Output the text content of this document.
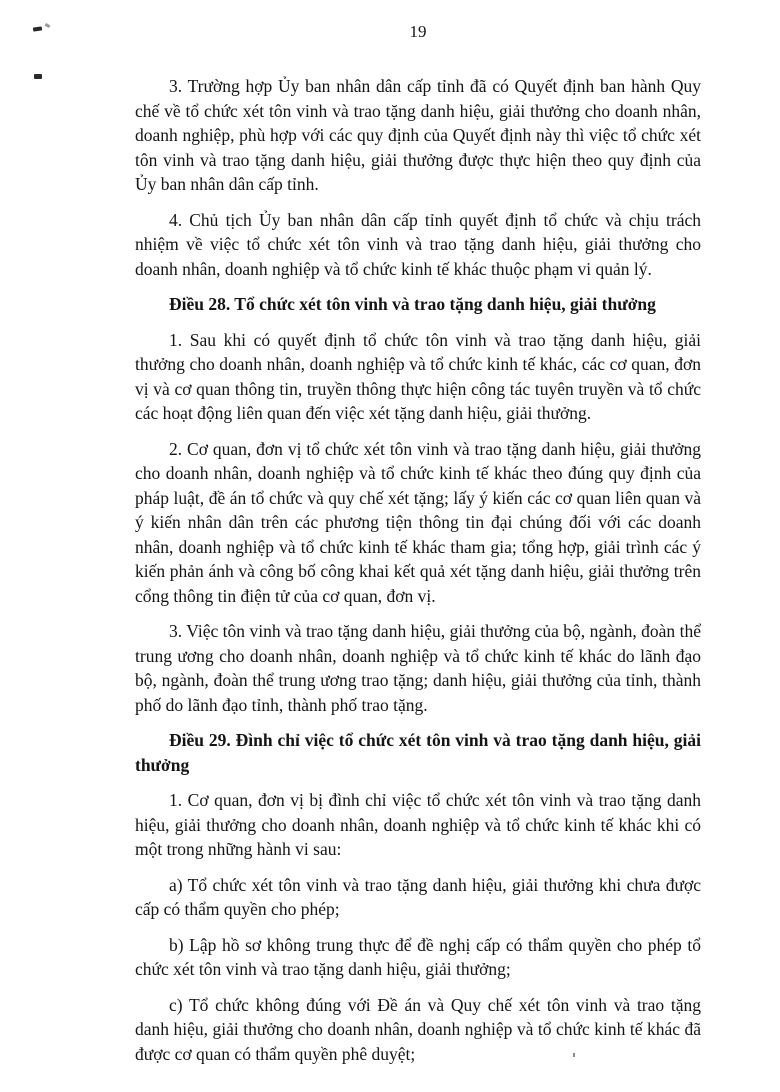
19

3. Trường hợp Ủy ban nhân dân cấp tỉnh đã có Quyết định ban hành Quy chế về tổ chức xét tôn vinh và trao tặng danh hiệu, giải thưởng cho doanh nhân, doanh nghiệp, phù hợp với các quy định của Quyết định này thì việc tổ chức xét tôn vinh và trao tặng danh hiệu, giải thưởng được thực hiện theo quy định của Ủy ban nhân dân cấp tỉnh.

4. Chủ tịch Ủy ban nhân dân cấp tỉnh quyết định tổ chức và chịu trách nhiệm về việc tổ chức xét tôn vinh và trao tặng danh hiệu, giải thưởng cho doanh nhân, doanh nghiệp và tổ chức kinh tế khác thuộc phạm vi quản lý.

Điều 28. Tổ chức xét tôn vinh và trao tặng danh hiệu, giải thưởng

1. Sau khi có quyết định tổ chức tôn vinh và trao tặng danh hiệu, giải thưởng cho doanh nhân, doanh nghiệp và tổ chức kinh tế khác, các cơ quan, đơn vị và cơ quan thông tin, truyền thông thực hiện công tác tuyên truyền và tổ chức các hoạt động liên quan đến việc xét tặng danh hiệu, giải thưởng.

2. Cơ quan, đơn vị tổ chức xét tôn vinh và trao tặng danh hiệu, giải thưởng cho doanh nhân, doanh nghiệp và tổ chức kinh tế khác theo đúng quy định của pháp luật, đề án tổ chức và quy chế xét tặng; lấy ý kiến các cơ quan liên quan và ý kiến nhân dân trên các phương tiện thông tin đại chúng đối với các doanh nhân, doanh nghiệp và tổ chức kinh tế khác tham gia; tổng hợp, giải trình các ý kiến phản ánh và công bố công khai kết quả xét tặng danh hiệu, giải thưởng trên cổng thông tin điện tử của cơ quan, đơn vị.

3. Việc tôn vinh và trao tặng danh hiệu, giải thưởng của bộ, ngành, đoàn thể trung ương cho doanh nhân, doanh nghiệp và tổ chức kinh tế khác do lãnh đạo bộ, ngành, đoàn thể trung ương trao tặng; danh hiệu, giải thưởng của tỉnh, thành phố do lãnh đạo tỉnh, thành phố trao tặng.

Điều 29. Đình chỉ việc tổ chức xét tôn vinh và trao tặng danh hiệu, giải thưởng

1. Cơ quan, đơn vị bị đình chỉ việc tổ chức xét tôn vinh và trao tặng danh hiệu, giải thưởng cho doanh nhân, doanh nghiệp và tổ chức kinh tế khác khi có một trong những hành vi sau:

a) Tổ chức xét tôn vinh và trao tặng danh hiệu, giải thưởng khi chưa được cấp có thẩm quyền cho phép;

b) Lập hồ sơ không trung thực để đề nghị cấp có thẩm quyền cho phép tổ chức xét tôn vinh và trao tặng danh hiệu, giải thưởng;

c) Tổ chức không đúng với Đề án và Quy chế xét tôn vinh và trao tặng danh hiệu, giải thưởng cho doanh nhân, doanh nghiệp và tổ chức kinh tế khác đã được cơ quan có thẩm quyền phê duyệt;
